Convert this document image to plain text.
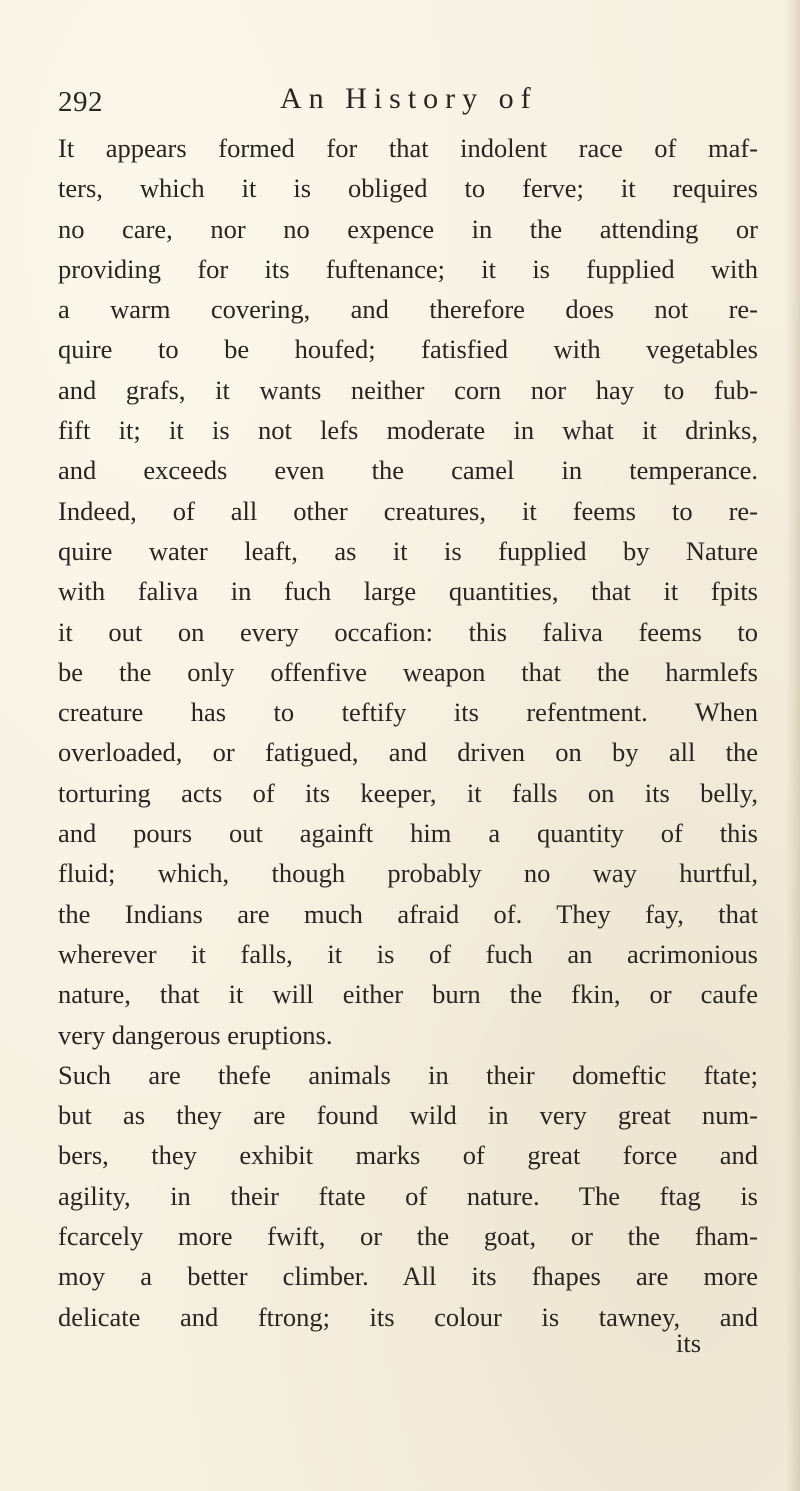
292	An History of
It appears formed for that indolent race of maf-
ters, which it is obliged to ferve; it requires
no care, nor no expence in the attending or
providing for its fuftenance; it is fupplied with
a warm covering, and therefore does not re-
quire to be houfed; fatisfied with vegetables
and grafs, it wants neither corn nor hay to fub-
fift it; it is not lefs moderate in what it drinks,
and exceeds even the camel in temperance.
Indeed, of all other creatures, it feems to re-
quire water leaft, as it is fupplied by Nature
with faliva in fuch large quantities, that it fpits
it out on every occafion: this faliva feems to
be the only offenfive weapon that the harmlefs
creature has to teftify its refentment. When
overloaded, or fatigued, and driven on by all the
torturing acts of its keeper, it falls on its belly,
and pours out againft him a quantity of this
fluid; which, though probably no way hurtful,
the Indians are much afraid of. They fay, that
wherever it falls, it is of fuch an acrimonious
nature, that it will either burn the fkin, or caufe
very dangerous eruptions.
Such are thefe animals in their domeftic ftate;
but as they are found wild in very great num-
bers, they exhibit marks of great force and
agility, in their ftate of nature. The ftag is
fcarcely more fwift, or the goat, or the fham-
moy a better climber. All its fhapes are more
delicate and ftrong; its colour is tawney, and
its
